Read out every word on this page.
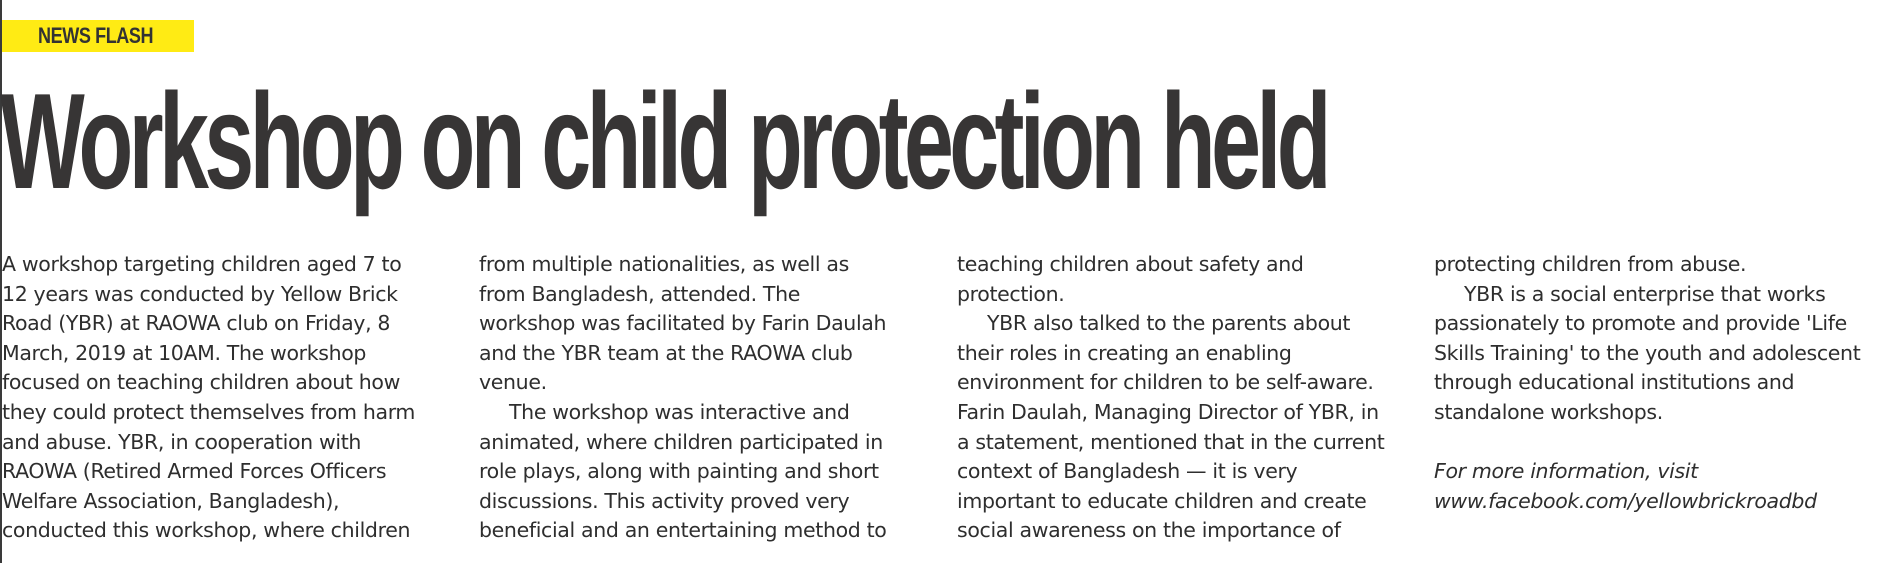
NEWS FLASH
Workshop on child protection held
A workshop targeting children aged 7 to
12 years was conducted by Yellow Brick
Road (YBR) at RAOWA club on Friday, 8
March, 2019 at 10AM. The workshop
focused on teaching children about how
they could protect themselves from harm
and abuse. YBR, in cooperation with
RAOWA (Retired Armed Forces Officers
Welfare Association, Bangladesh),
conducted this workshop, where children
from multiple nationalities, as well as
from Bangladesh, attended. The
workshop was facilitated by Farin Daulah
and the YBR team at the RAOWA club
venue.
The workshop was interactive and
animated, where children participated in
role plays, along with painting and short
discussions. This activity proved very
beneficial and an entertaining method to
teaching children about safety and
protection.
YBR also talked to the parents about
their roles in creating an enabling
environment for children to be self-aware.
Farin Daulah, Managing Director of YBR, in
a statement, mentioned that in the current
context of Bangladesh — it is very
important to educate children and create
social awareness on the importance of
protecting children from abuse.
YBR is a social enterprise that works
passionately to promote and provide 'Life
Skills Training' to the youth and adolescent
through educational institutions and
standalone workshops.
For more information, visit
www.facebook.com/yellowbrickroadbd
